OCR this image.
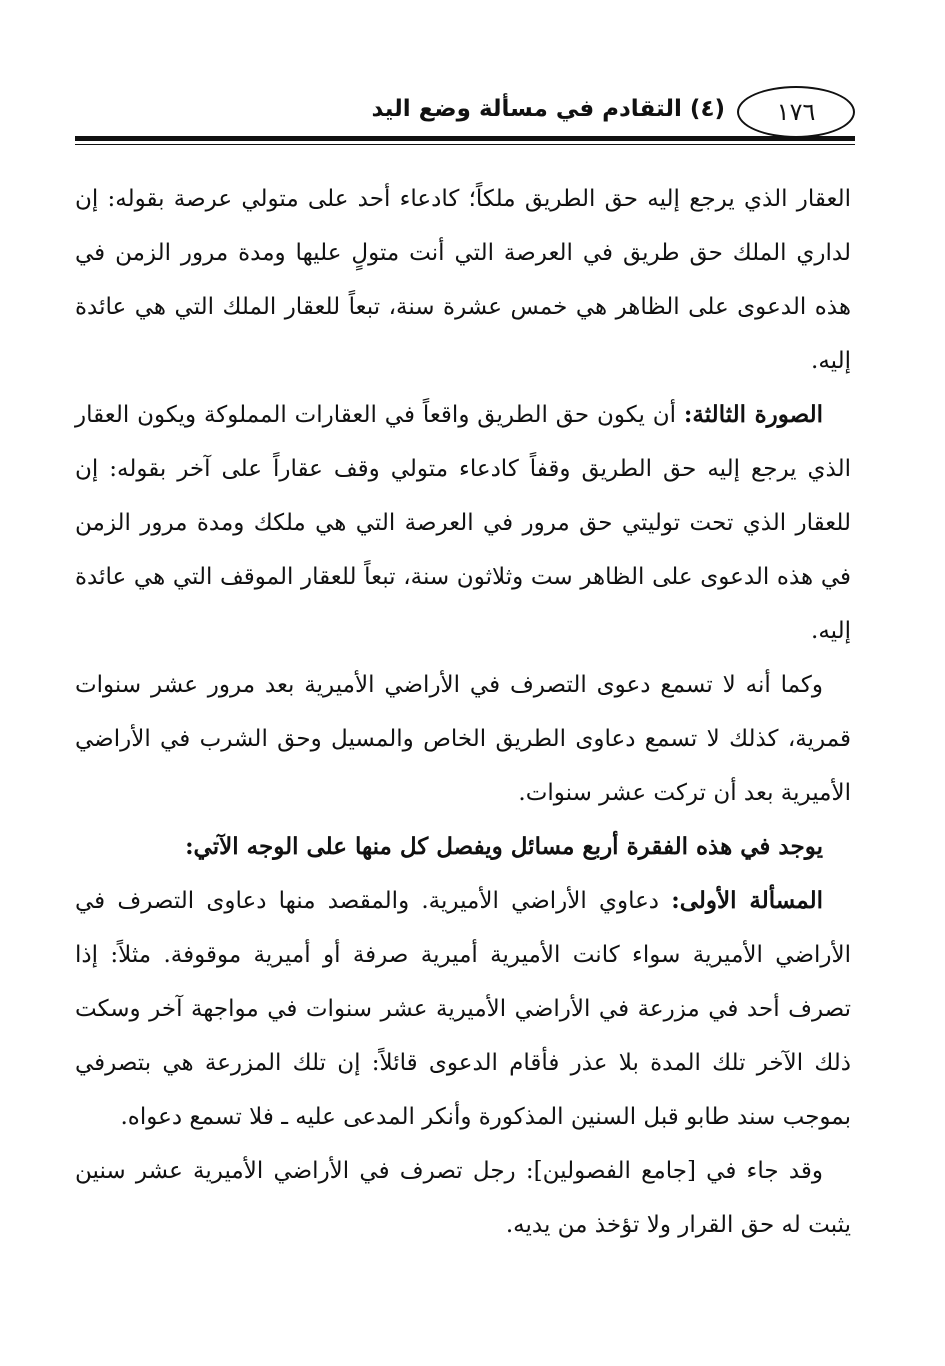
١٧٦
(٤) التقادم في مسألة وضع اليد

العقار الذي يرجع إليه حق الطريق ملكاً؛ كادعاء أحد على متولي عرصة بقوله: إن لداري الملك حق طريق في العرصة التي أنت متولٍ عليها ومدة مرور الزمن في هذه الدعوى على الظاهر هي خمس عشرة سنة، تبعاً للعقار الملك التي هي عائدة إليه.

الصورة الثالثة: أن يكون حق الطريق واقعاً في العقارات المملوكة ويكون العقار الذي يرجع إليه حق الطريق وقفاً كادعاء متولي وقف عقاراً على آخر بقوله: إن للعقار الذي تحت توليتي حق مرور في العرصة التي هي ملكك ومدة مرور الزمن في هذه الدعوى على الظاهر ست وثلاثون سنة، تبعاً للعقار الموقف التي هي عائدة إليه.

وكما أنه لا تسمع دعوى التصرف في الأراضي الأميرية بعد مرور عشر سنوات قمرية، كذلك لا تسمع دعاوى الطريق الخاص والمسيل وحق الشرب في الأراضي الأميرية بعد أن تركت عشر سنوات.

يوجد في هذه الفقرة أربع مسائل ويفصل كل منها على الوجه الآتي:

المسألة الأولى: دعاوي الأراضي الأميرية. والمقصد منها دعاوى التصرف في الأراضي الأميرية سواء كانت الأميرية أميرية صرفة أو أميرية موقوفة. مثلاً: إذا تصرف أحد في مزرعة في الأراضي الأميرية عشر سنوات في مواجهة آخر وسكت ذلك الآخر تلك المدة بلا عذر فأقام الدعوى قائلاً: إن تلك المزرعة هي بتصرفي بموجب سند طابو قبل السنين المذكورة وأنكر المدعى عليه ـ فلا تسمع دعواه.

وقد جاء في [جامع الفصولين]: رجل تصرف في الأراضي الأميرية عشر سنين يثبت له حق القرار ولا تؤخذ من يديه.
